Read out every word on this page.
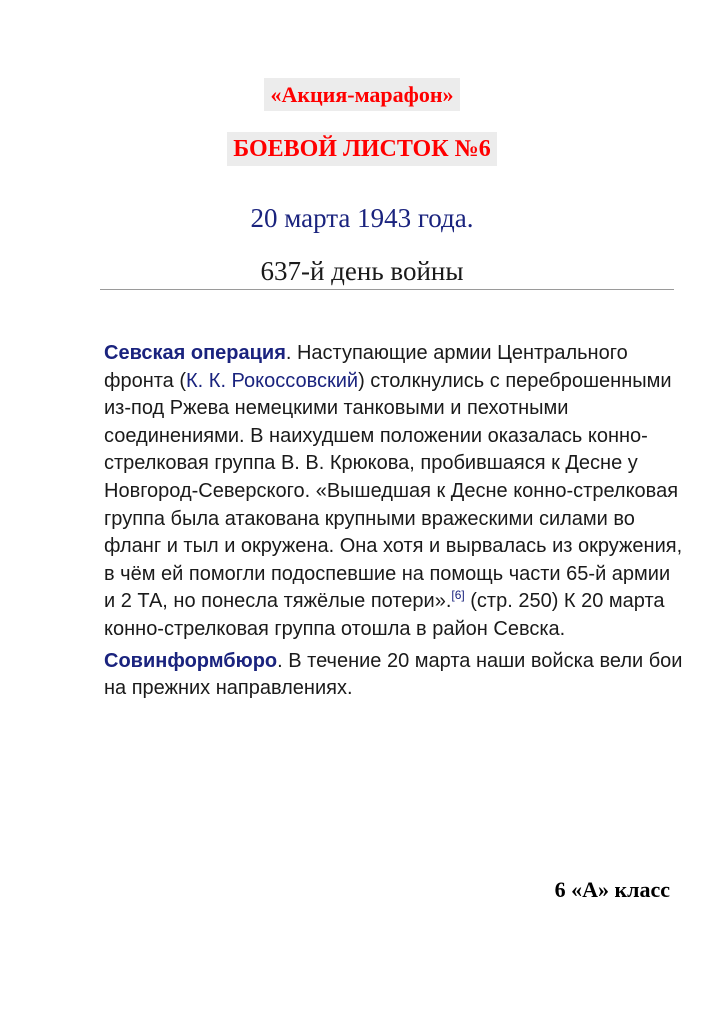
«Акция-марафон»
БОЕВОЙ ЛИСТОК №6
20 марта 1943 года.
637-й день войны

Севская операция. Наступающие армии Центрального фронта (К. К. Рокоссовский) столкнулись с переброшенными из-под Ржева немецкими танковыми и пехотными соединениями. В наихудшем положении оказалась конно-стрелковая группа В. В. Крюкова, пробившаяся к Десне у Новгород-Северского. «Вышедшая к Десне конно-стрелковая группа была атакована крупными вражескими силами во фланг и тыл и окружена. Она хотя и вырвалась из окружения, в чём ей помогли подоспевшие на помощь части 65-й армии и 2 ТА, но понесла тяжёлые потери».[6] (стр. 250) К 20 марта конно-стрелковая группа отошла в район Севска.

Совинформбюро. В течение 20 марта наши войска вели бои на прежних направлениях.

6 «А» класс
